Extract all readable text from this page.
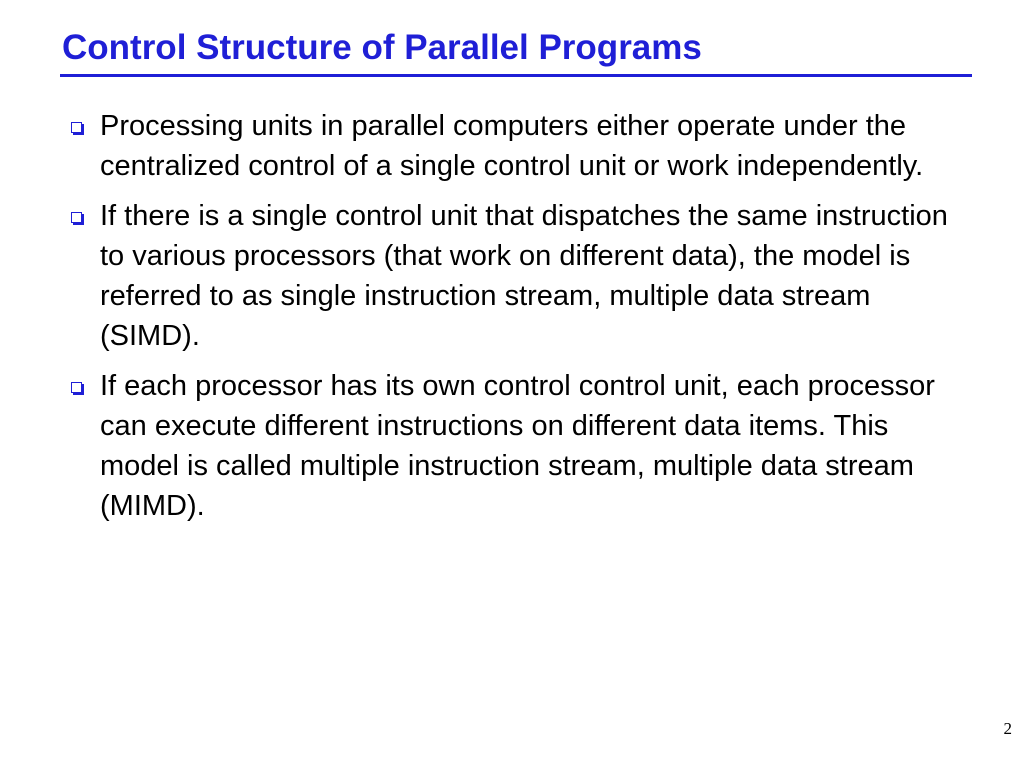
Control Structure of Parallel Programs
Processing units in parallel computers either operate under the centralized control of a single control unit or work independently.
If there is a single control unit that dispatches the same instruction to various processors (that work on different data), the model is referred to as single instruction stream, multiple data stream (SIMD).
If each processor has its own control control unit, each processor can execute different instructions on different data items. This model is called multiple instruction stream, multiple data stream (MIMD).
2
